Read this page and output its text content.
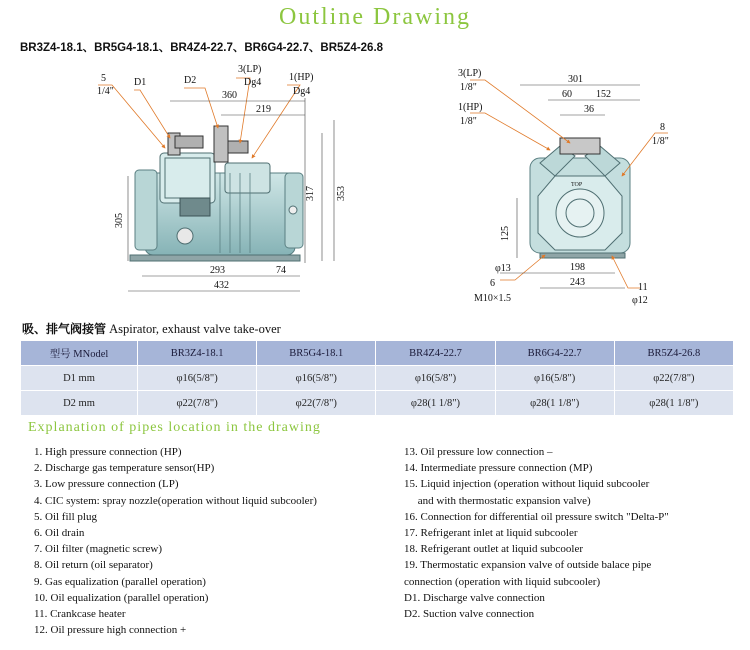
Outline Drawing
BR3Z4-18.1、BR5G4-18.1、BR4Z4-22.7、BR6G4-22.7、BR5Z4-26.8
5
1/4"
D1	D2
3(LP)
Dg4	1(HP)
Dg4
360
219
317 353
305
293	74
432
3(LP)
1/8"
1(HP)
1/8"
8
1/8"
TOP
6
M10×1.5
11
φ12
301
60 152
36
125
φ13	198
243
吸、排气阀接管 Aspirator, exhaust valve take-over
型号 MNodel	BR3Z4-18.1	BR5G4-18.1	BR4Z4-22.7	BR6G4-22.7	BR5Z4-26.8
D1 mm	φ16(5/8")	φ16(5/8")	φ16(5/8")	φ16(5/8")	φ22(7/8")
D2 mm	φ22(7/8")	φ22(7/8")	φ28(1 1/8")	φ28(1 1/8")	φ28(1 1/8")
Explanation of pipes location in the drawing
1. High pressure connection (HP)
2. Discharge gas temperature sensor(HP)
3. Low pressure connection (LP)
4. CIC system: spray nozzle(operation without liquid subcooler)
5. Oil fill plug
6. Oil drain
7. Oil filter (magnetic screw)
8. Oil return (oil separator)
9. Gas equalization (parallel operation)
10. Oil equalization (parallel operation)
11. Crankcase heater
12. Oil pressure high connection +
13. Oil pressure low connection –
14. Intermediate pressure connection (MP)
15. Liquid injection (operation without liquid subcooler
and with thermostatic expansion valve)
16. Connection for differential oil pressure switch "Delta-P"
17. Refrigerant inlet at liquid subcooler
18. Refrigerant outlet at liquid subcooler
19. Thermostatic expansion valve of outside balace pipe
connection (operation with liquid subcooler)
D1. Discharge valve connection
D2. Suction valve connection
